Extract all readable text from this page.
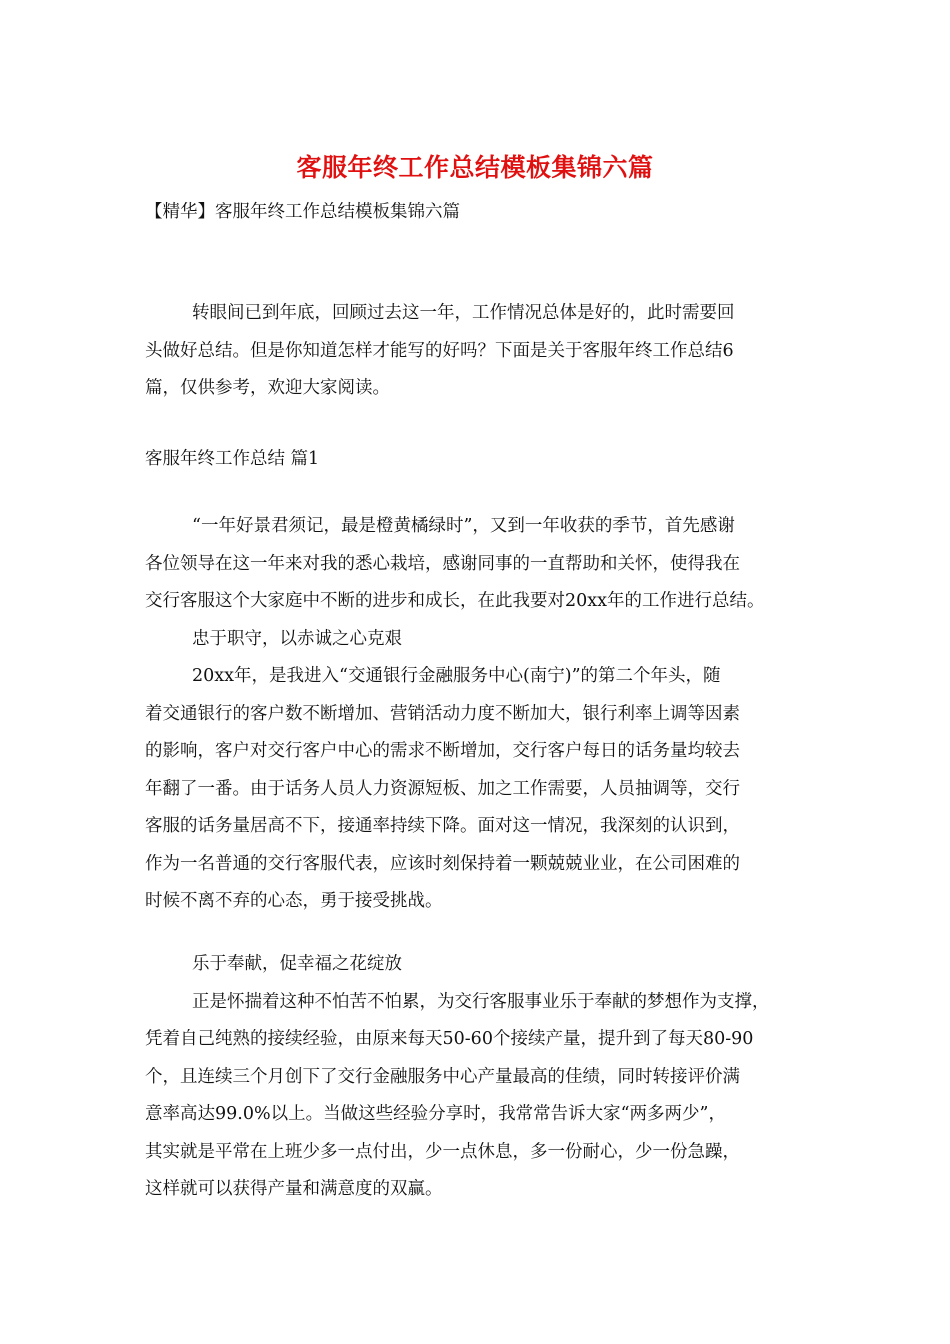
客服年终工作总结模板集锦六篇
【精华】客服年终工作总结模板集锦六篇
转眼间已到年底，回顾过去这一年，工作情况总体是好的，此时需要回
头做好总结。但是你知道怎样才能写的好吗？下面是关于客服年终工作总结6
篇，仅供参考，欢迎大家阅读。
客服年终工作总结 篇1
“一年好景君须记，最是橙黄橘绿时”，又到一年收获的季节，首先感谢
各位领导在这一年来对我的悉心栽培，感谢同事的一直帮助和关怀，使得我在
交行客服这个大家庭中不断的进步和成长，在此我要对20xx年的工作进行总结。
忠于职守，以赤诚之心克艰
20xx年，是我进入“交通银行金融服务中心(南宁)”的第二个年头，随
着交通银行的客户数不断增加、营销活动力度不断加大，银行利率上调等因素
的影响，客户对交行客户中心的需求不断增加，交行客户每日的话务量均较去
年翻了一番。由于话务人员人力资源短板、加之工作需要，人员抽调等，交行
客服的话务量居高不下，接通率持续下降。面对这一情况，我深刻的认识到，
作为一名普通的交行客服代表，应该时刻保持着一颗兢兢业业，在公司困难的
时候不离不弃的心态，勇于接受挑战。
乐于奉献，促幸福之花绽放
正是怀揣着这种不怕苦不怕累，为交行客服事业乐于奉献的梦想作为支撑，
凭着自己纯熟的接续经验，由原来每天50-60个接续产量，提升到了每天80-90
个，且连续三个月创下了交行金融服务中心产量最高的佳绩，同时转接评价满
意率高达99.0%以上。当做这些经验分享时，我常常告诉大家“两多两少”，
其实就是平常在上班少多一点付出，少一点休息，多一份耐心，少一份急躁，
这样就可以获得产量和满意度的双赢。
